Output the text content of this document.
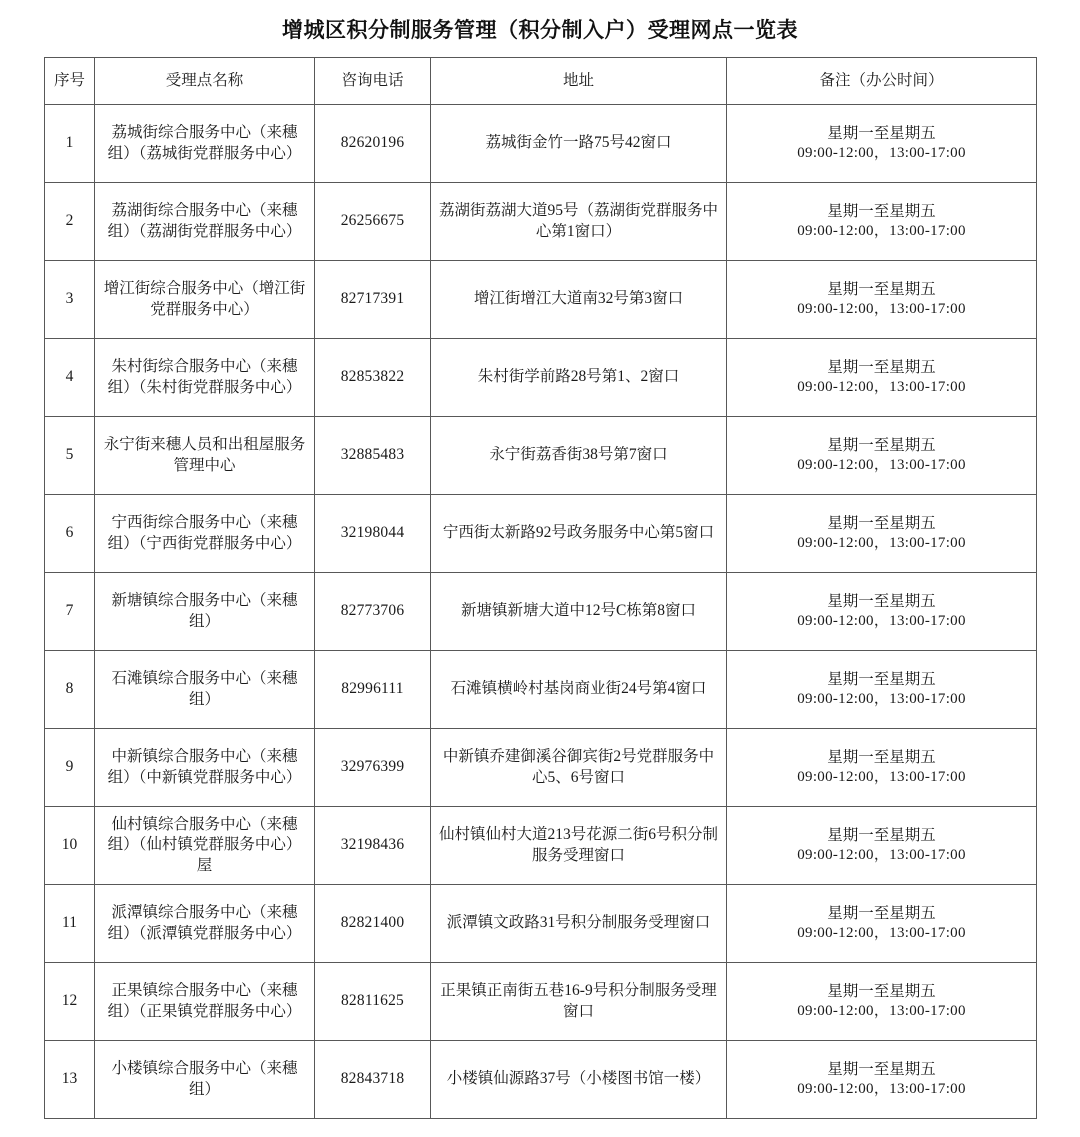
增城区积分制服务管理（积分制入户）受理网点一览表
序号	受理点名称	咨询电话	地址	备注（办公时间）
1	荔城街综合服务中心（来穗组）（荔城街党群服务中心）	82620196	荔城街金竹一路75号42窗口	星期一至星期五
09:00-12:00，13:00-17:00

2	荔湖街综合服务中心（来穗组）（荔湖街党群服务中心）	26256675	荔湖街荔湖大道95号（荔湖街党群服务中心第1窗口）	星期一至星期五
09:00-12:00，13:00-17:00

3	增江街综合服务中心（增江街党群服务中心）	82717391	增江街增江大道南32号第3窗口	星期一至星期五
09:00-12:00，13:00-17:00

4	朱村街综合服务中心（来穗组）（朱村街党群服务中心）	82853822	朱村街学前路28号第1、2窗口	星期一至星期五
09:00-12:00，13:00-17:00

5	永宁街来穗人员和出租屋服务管理中心	32885483	永宁街荔香街38号第7窗口	星期一至星期五
09:00-12:00，13:00-17:00

6	宁西街综合服务中心（来穗组）（宁西街党群服务中心）	32198044	宁西街太新路92号政务服务中心第5窗口	星期一至星期五
09:00-12:00，13:00-17:00

7	新塘镇综合服务中心（来穗组）	82773706	新塘镇新塘大道中12号C栋第8窗口	星期一至星期五
09:00-12:00，13:00-17:00

8	石滩镇综合服务中心（来穗组）	82996111	石滩镇横岭村基岗商业街24号第4窗口	星期一至星期五
09:00-12:00，13:00-17:00

9	中新镇综合服务中心（来穗组）（中新镇党群服务中心）	32976399	中新镇乔建御溪谷御宾街2号党群服务中心5、6号窗口	星期一至星期五
09:00-12:00，13:00-17:00

10	仙村镇综合服务中心（来穗组）（仙村镇党群服务中心）屋	32198436	仙村镇仙村大道213号花源二街6号积分制服务受理窗口	星期一至星期五
09:00-12:00，13:00-17:00

11	派潭镇综合服务中心（来穗组）（派潭镇党群服务中心）	82821400	派潭镇文政路31号积分制服务受理窗口	星期一至星期五
09:00-12:00，13:00-17:00

12	正果镇综合服务中心（来穗组）（正果镇党群服务中心）	82811625	正果镇正南街五巷16-9号积分制服务受理窗口	星期一至星期五
09:00-12:00，13:00-17:00

13	小楼镇综合服务中心（来穗组）	82843718	小楼镇仙源路37号（小楼图书馆一楼）	星期一至星期五
09:00-12:00，13:00-17:00
